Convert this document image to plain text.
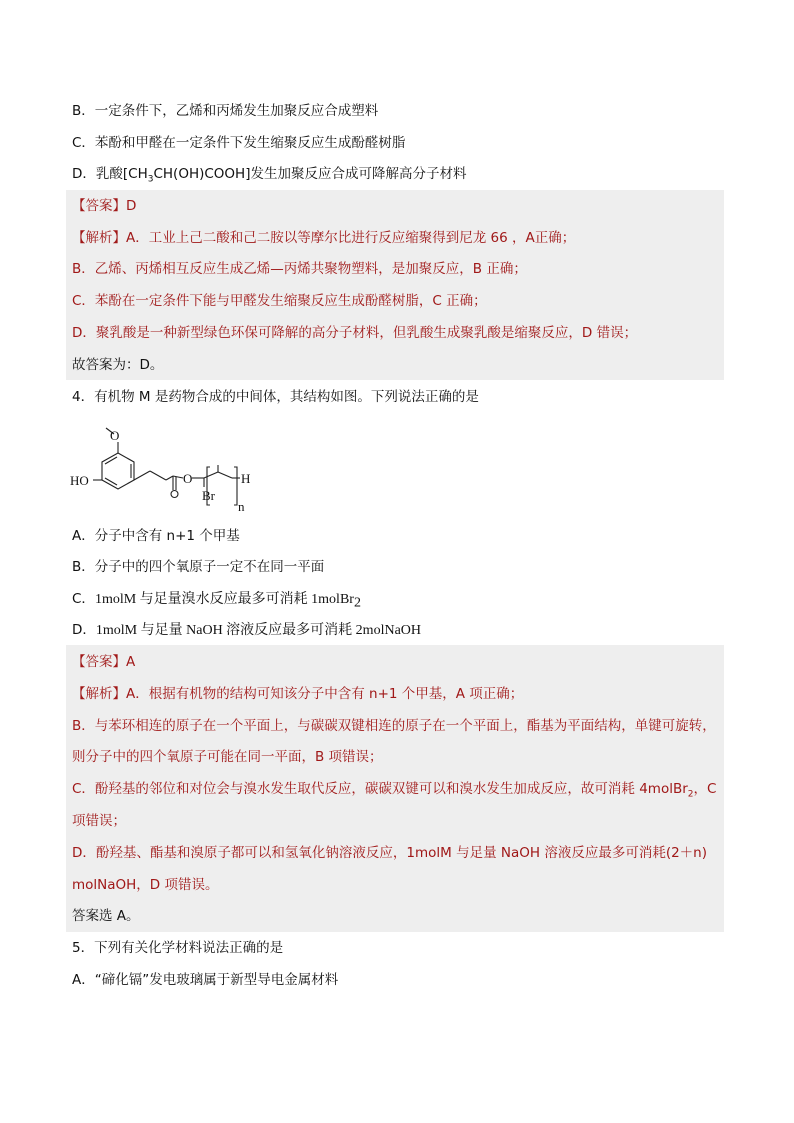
B．一定条件下，乙烯和丙烯发生加聚反应合成塑料
C．苯酚和甲醛在一定条件下发生缩聚反应生成酚醛树脂
D．乳酸$[CH_3CH(OH)COOH]$发生加聚反应合成可降解高分子材料
【答案】D
【解析】A．工业上己二酸和己二胺以等摩尔比进行反应缩聚得到尼龙 66 ，A正确；
B．乙烯、丙烯相互反应生成乙烯—丙烯共聚物塑料，是加聚反应，B 正确；
C．苯酚在一定条件下能与甲醛发生缩聚反应生成酚醛树脂，C 正确；
D．聚乳酸是一种新型绿色环保可降解的高分子材料，但乳酸生成聚乳酸是缩聚反应，D 错误；
故答案为：D。
4．有机物 M 是药物合成的中间体，其结构如图。下列说法正确的是
O
HO	O
Br
H
n
A．分子中含有 n+1 个甲基
B．分子中的四个氧原子一定不在同一平面
C．1molM 与足量溴水反应最多可消耗 1molBr$_2$
D．1molM 与足量 NaOH 溶液反应最多可消耗 2molNaOH
【答案】A
【解析】A．根据有机物的结构可知该分子中含有 n+1 个甲基，A 项正确；
B．与苯环相连的原子在一个平面上，与碳碳双键相连的原子在一个平面上，酯基为平面结构，单键可旋转，
则分子中的四个氧原子可能在同一平面，B 项错误；
C．酚羟基的邻位和对位会与溴水发生取代反应，碳碳双键可以和溴水发生加成反应，故可消耗 4molBr$_2$，C
项错误；
D．酚羟基、酯基和溴原子都可以和氢氧化钠溶液反应，1molM 与足量 NaOH 溶液反应最多可消耗(2＋n)
molNaOH，D 项错误。
答案选 A。
5．下列有关化学材料说法正确的是
A．“碲化镉”发电玻璃属于新型导电金属材料
